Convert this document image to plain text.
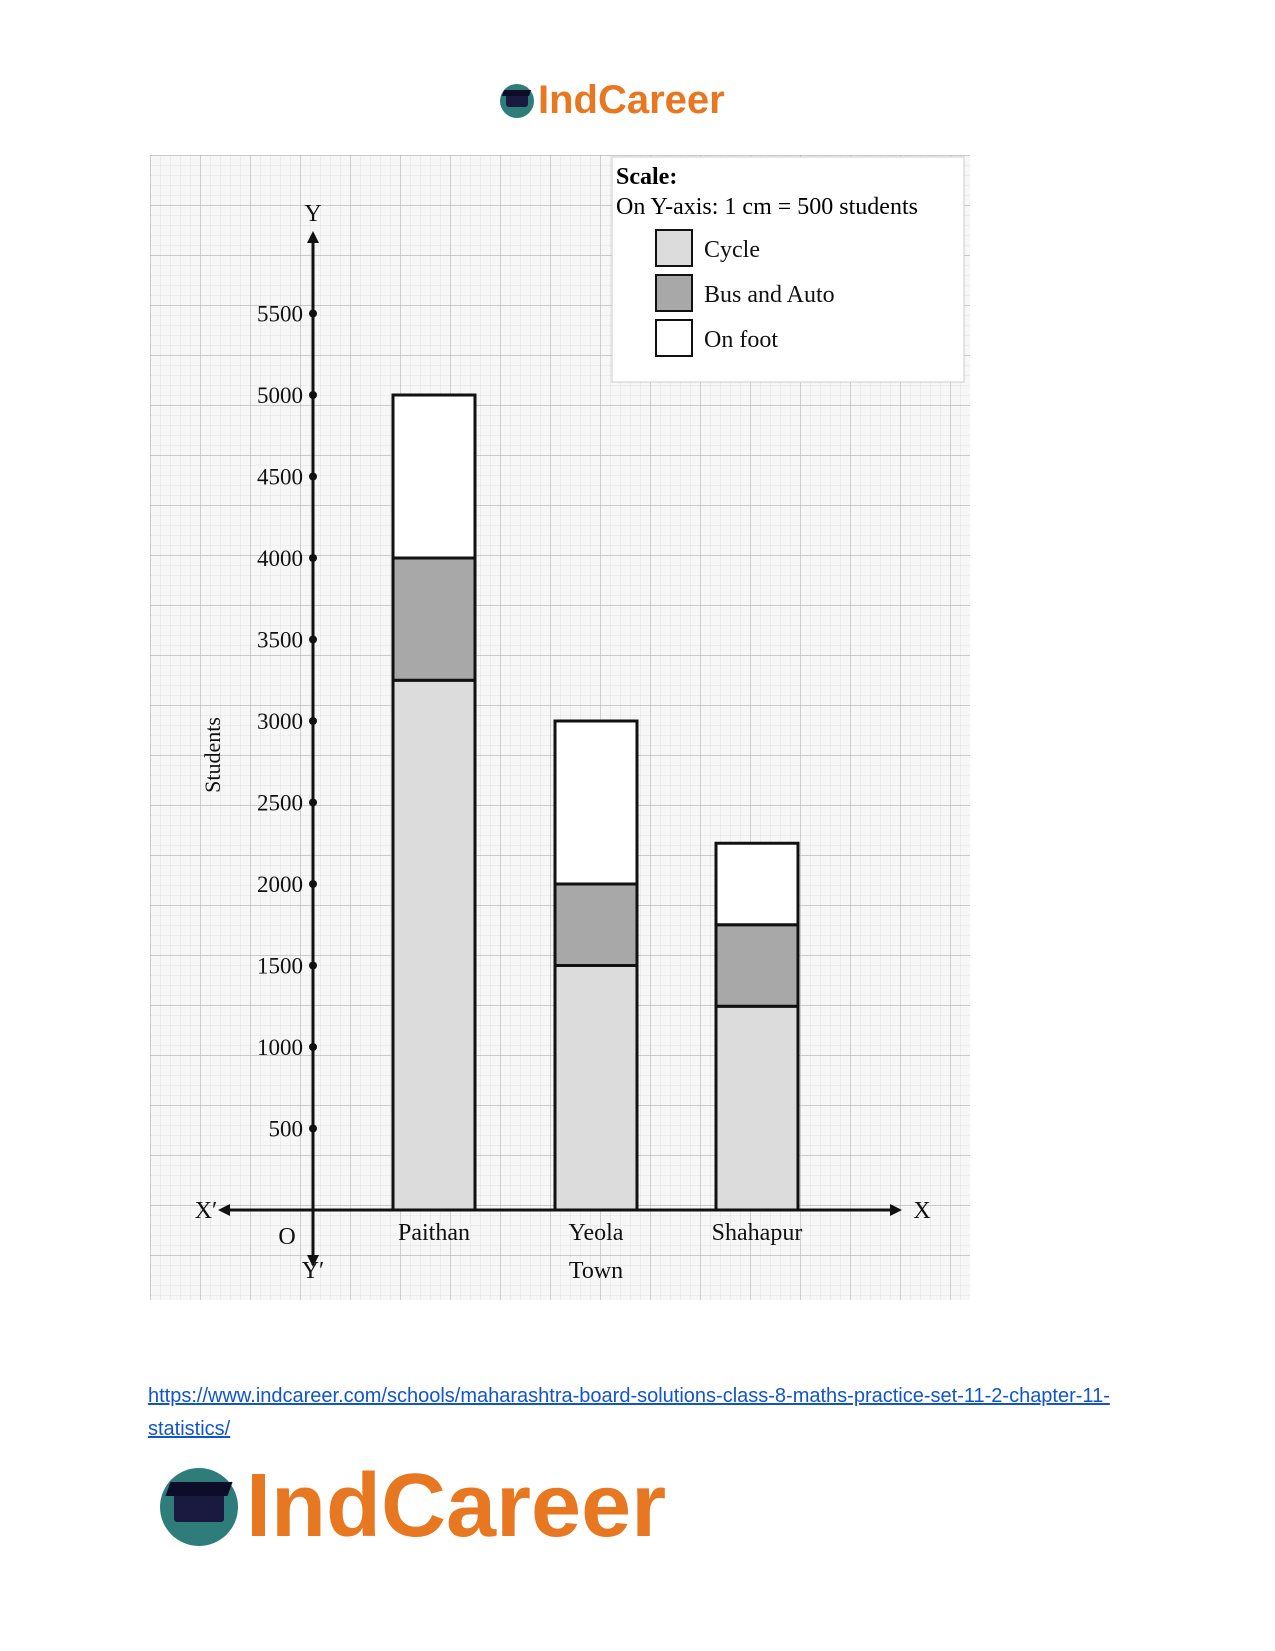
IndCareer
Paithan	Yeola
Town
Shahapur
500
1000
1500
2000
2500
3000
3500
4000
4500
5000
5500
Y
Y′
X
X′
O
Students
Scale:
On Y-axis: 1 cm = 500 students
Cycle
Bus and Auto
On foot
https://www.indcareer.com/schools/maharashtra-board-solutions-class-8-maths-practice-set-11-2-chapter-11-statistics/
IndCareer
